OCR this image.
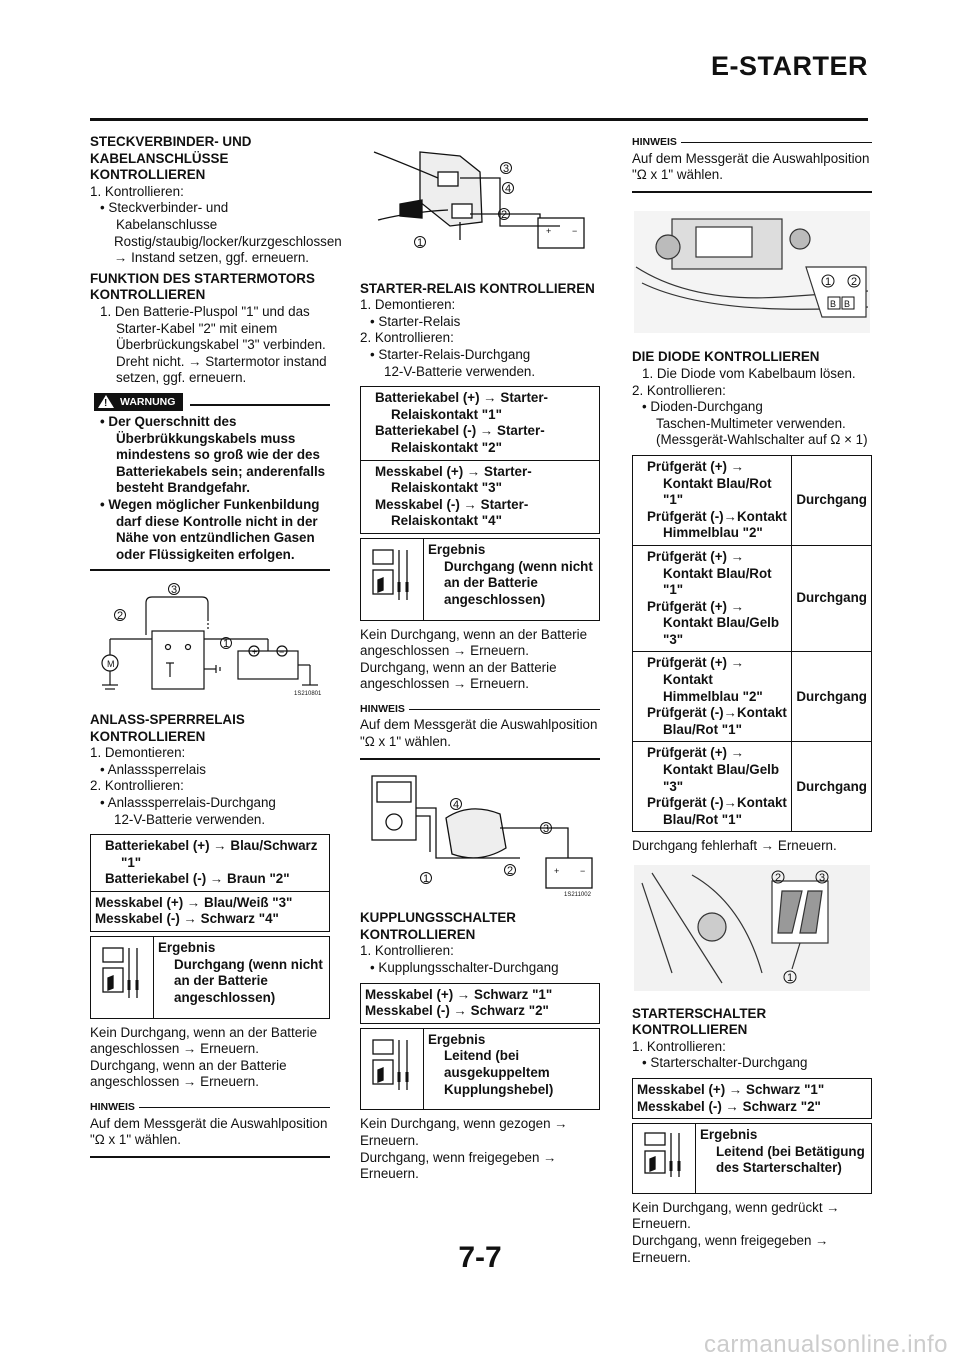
E-STARTER

STECKVERBINDER- UND KABELANSCHLÜSSE KONTROLLIEREN

1. Kontrollieren:

• Steckverbinder- und Kabelanschlusse

Rostig/staubig/locker/kurzgeschlossen → Instand setzen, ggf. erneuern.

FUNKTION DES STARTERMOTORS KONTROLLIEREN

1. Den Batterie-Pluspol "1" und das Starter-Kabel "2" mit einem Überbrückungskabel "3" verbinden. Dreht nicht. → Startermotor instand setzen, ggf. erneuern.

! WARNUNG

• Der Querschnitt des Überbrükkungskabels muss mindestens so groß wie der des Batteriekabels sein; anderenfalls besteht Brandgefahr.

• Wegen möglicher Funkenbildung darf diese Kontrolle nicht in der Nähe von entzündlichen Gasen oder Flüssigkeiten erfolgen.

3
2
1
M
+ −
1S210801

ANLASS-SPERRRELAIS KONTROLLIEREN

1. Demontieren:

• Anlasssperrelais

2. Kontrollieren:

• Anlasssperrelais-Durchgang

12-V-Batterie verwenden.

Batteriekabel (+) → Blau/Schwarz "1"
Batteriekabel (-) → Braun "2"

Messkabel (+) → Blau/Weiß "3"
Messkabel (-) → Schwarz "4"

Ergebnis
Durchgang (wenn nicht an der Batterie angeschlossen)

Kein Durchgang, wenn an der Batterie angeschlossen → Erneuern.

Durchgang, wenn an der Batterie angeschlossen → Erneuern.

HINWEIS
Auf dem Messgerät die Auswahlposition "Ω x 1" wählen.
3
4
2
1
+ −

STARTER-RELAIS KONTROLLIEREN

1. Demontieren:

• Starter-Relais

2. Kontrollieren:

• Starter-Relais-Durchgang

12-V-Batterie verwenden.

Batteriekabel (+) → Starter-Relaiskontakt "1"
Batteriekabel (-) → Starter-Relaiskontakt "2"

Messkabel (+) → Starter-Relaiskontakt "3"
Messkabel (-) → Starter-Relaiskontakt "4"

Ergebnis
Durchgang (wenn nicht an der Batterie angeschlossen)

Kein Durchgang, wenn an der Batterie angeschlossen → Erneuern.

Durchgang, wenn an der Batterie angeschlossen → Erneuern.

HINWEIS
Auf dem Messgerät die Auswahlposition "Ω x 1" wählen.
4
3
2
1
+ −
1S211002

KUPPLUNGSSCHALTER KONTROLLIEREN

1. Kontrollieren:

• Kupplungsschalter-Durchgang

Messkabel (+) → Schwarz "1"
Messkabel (-) → Schwarz "2"

Ergebnis
Leitend (bei ausgekuppeltem Kupplungshebel)

Kein Durchgang, wenn gezogen → Erneuern.

Durchgang, wenn freigegeben → Erneuern.

HINWEIS
Auf dem Messgerät die Auswahlposition "Ω x 1" wählen.
1 2
B B

DIE DIODE KONTROLLIEREN

1. Die Diode vom Kabelbaum lösen.

2. Kontrollieren:

• Dioden-Durchgang

Taschen-Multimeter verwenden. (Messgerät-Wahlschalter auf Ω × 1)

Prüfgerät (+) → Kontakt Blau/Rot "1"
Prüfgerät (-)→Kontakt Himmelblau "2"	Durchgang

Prüfgerät (+) → Kontakt Blau/Rot "1"
Prüfgerät (+) → Kontakt Blau/Gelb "3"	Durchgang

Prüfgerät (+) → Kontakt Himmelblau "2"
Prüfgerät (-)→Kontakt Blau/Rot "1"	Durchgang

Prüfgerät (+) → Kontakt Blau/Gelb "3"
Prüfgerät (-)→Kontakt Blau/Rot "1"	Durchgang

Durchgang fehlerhaft → Erneuern.

2	3
1

STARTERSCHALTER KONTROLLIEREN

1. Kontrollieren:

• Starterschalter-Durchgang

Messkabel (+) → Schwarz "1"
Messkabel (-) → Schwarz "2"

Ergebnis
Leitend (bei Betätigung des Starterschalter)

Kein Durchgang, wenn gedrückt → Erneuern.

Durchgang, wenn freigegeben → Erneuern.

7-7
carmanualsonline.info
